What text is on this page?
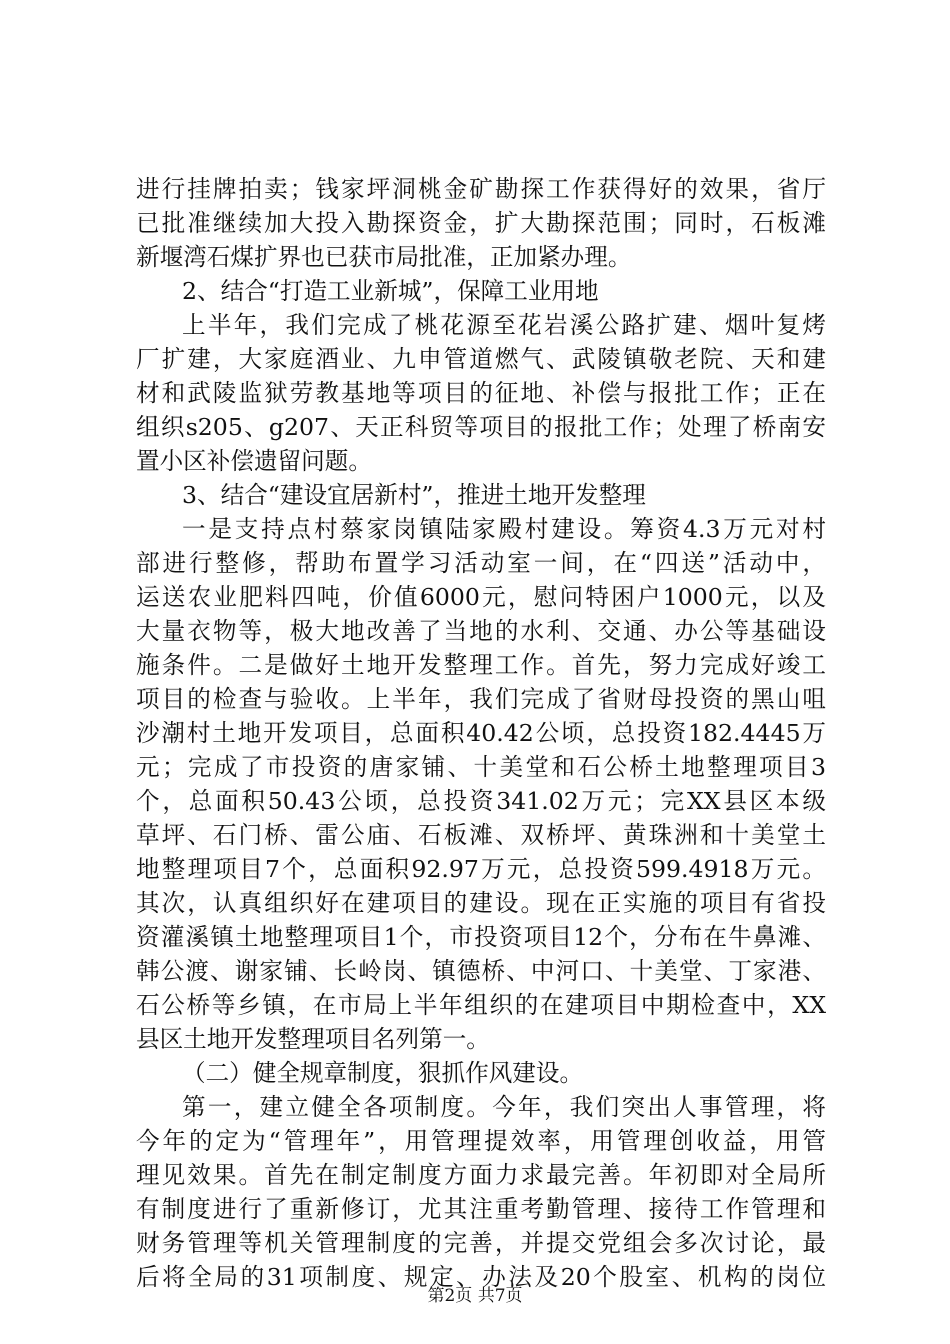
进行挂牌拍卖；钱家坪洞桃金矿勘探工作获得好的效果，省厅
已批准继续加大投入勘探资金，扩大勘探范围；同时，石板滩
新堰湾石煤扩界也已获市局批准，正加紧办理。
2、结合“打造工业新城”，保障工业用地
上半年，我们完成了桃花源至花岩溪公路扩建、烟叶复烤
厂扩建，大家庭酒业、九申管道燃气、武陵镇敬老院、天和建
材和武陵监狱劳教基地等项目的征地、补偿与报批工作；正在
组织s205、g207、天正科贸等项目的报批工作；处理了桥南安
置小区补偿遗留问题。
3、结合“建设宜居新村”，推进土地开发整理
一是支持点村蔡家岗镇陆家殿村建设。筹资4.3万元对村
部进行整修，帮助布置学习活动室一间，在“四送”活动中，
运送农业肥料四吨，价值6000元，慰问特困户1000元，以及
大量衣物等，极大地改善了当地的水利、交通、办公等基础设
施条件。二是做好土地开发整理工作。首先，努力完成好竣工
项目的检查与验收。上半年，我们完成了省财母投资的黑山咀
沙潮村土地开发项目，总面积40.42公顷，总投资182.4445万
元；完成了市投资的唐家铺、十美堂和石公桥土地整理项目3
个，总面积50.43公顷，总投资341.02万元；完XX县区本级
草坪、石门桥、雷公庙、石板滩、双桥坪、黄珠洲和十美堂土
地整理项目7个，总面积92.97万元，总投资599.4918万元。
其次，认真组织好在建项目的建设。现在正实施的项目有省投
资灌溪镇土地整理项目1个，市投资项目12个，分布在牛鼻滩、
韩公渡、谢家铺、长岭岗、镇德桥、中河口、十美堂、丁家港、
石公桥等乡镇，在市局上半年组织的在建项目中期检查中，XX
县区土地开发整理项目名列第一。
（二）健全规章制度，狠抓作风建设。
第一，建立健全各项制度。今年，我们突出人事管理，将
今年的定为“管理年”，用管理提效率，用管理创收益，用管
理见效果。首先在制定制度方面力求最完善。年初即对全局所
有制度进行了重新修订，尤其注重考勤管理、接待工作管理和
财务管理等机关管理制度的完善，并提交党组会多次讨论，最
后将全局的31项制度、规定、办法及20个股室、机构的岗位
第2页 共7页
